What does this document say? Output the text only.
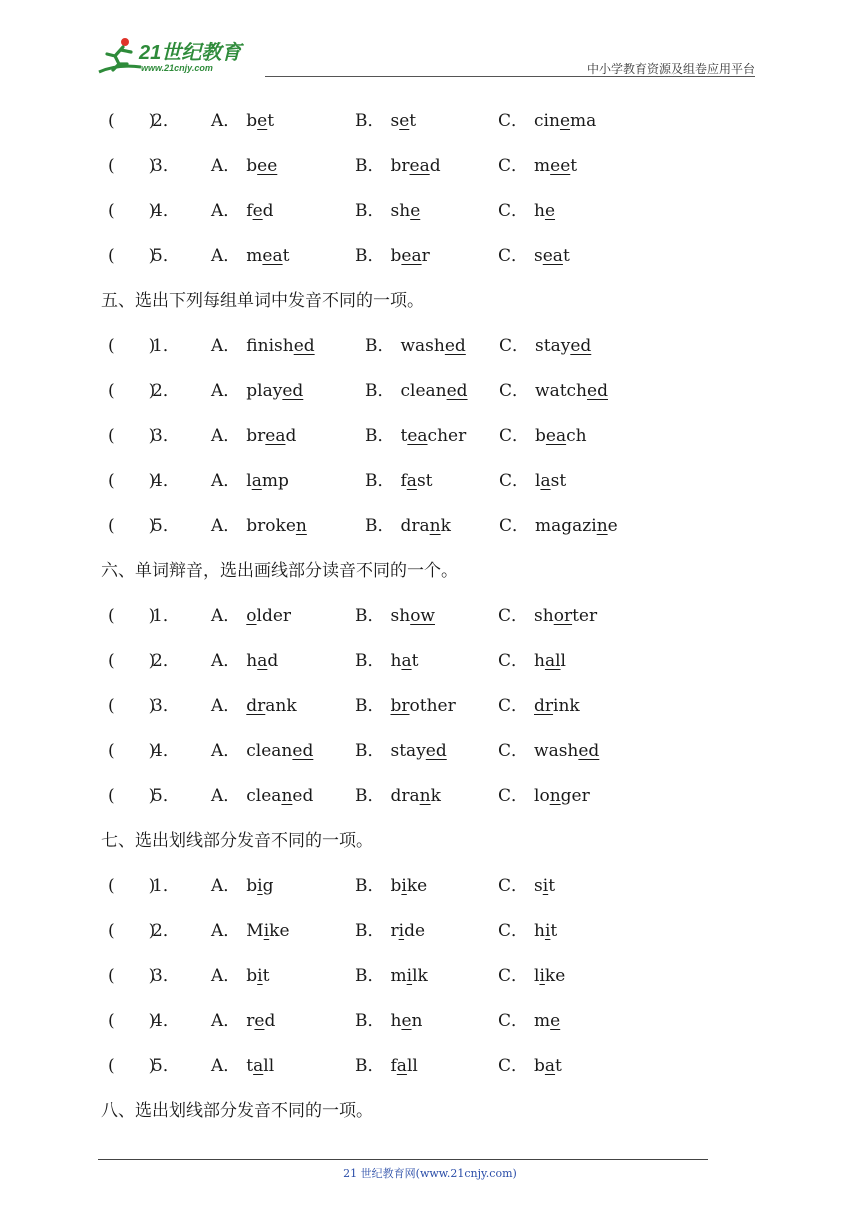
21世纪教育
www.21cnjy.com	中小学教育资源及组卷应用平台
(　　)
2． A． bet	B． set	C． cinema
(　　)
3． A． bee	B． bread	C． meet
(　　)
4． A． fed	B． she	C． he
(　　)
5． A． meat	B． bear	C． seat
五、选出下列每组单词中发音不同的一项。
(　　)
1． A． finished	B． washed C． stayed
(　　)
2． A． played	B． cleaned C． watched
(　　)
3． A． bread	B． teacher C． beach
(　　)
4． A． lamp	B． fast	C． last
(　　)
5． A． broken	B． drank	C． magazine
六、单词辩音，选出画线部分读音不同的一个。
(　　)
1． A． older	B． show	C． shorter
(　　)
2． A． had	B． hat	C． hall
(　　)
3． A． drank	B． brother C． drink
(　　)
4． A． cleaned B． stayed	C． washed
(　　)
5． A． cleaned B． drank	C． longer
七、选出划线部分发音不同的一项。
(　　)
1． A． big	B． bike	C． sit
(　　)
2． A． Mike	B． ride	C． hit
(　　)
3． A． bit	B． milk	C． like
(　　)
4． A． red	B． hen	C． me
(　　)
5． A． tall	B． fall	C． bat
八、选出划线部分发音不同的一项。
21 世纪教育网(www.21cnjy.com)
